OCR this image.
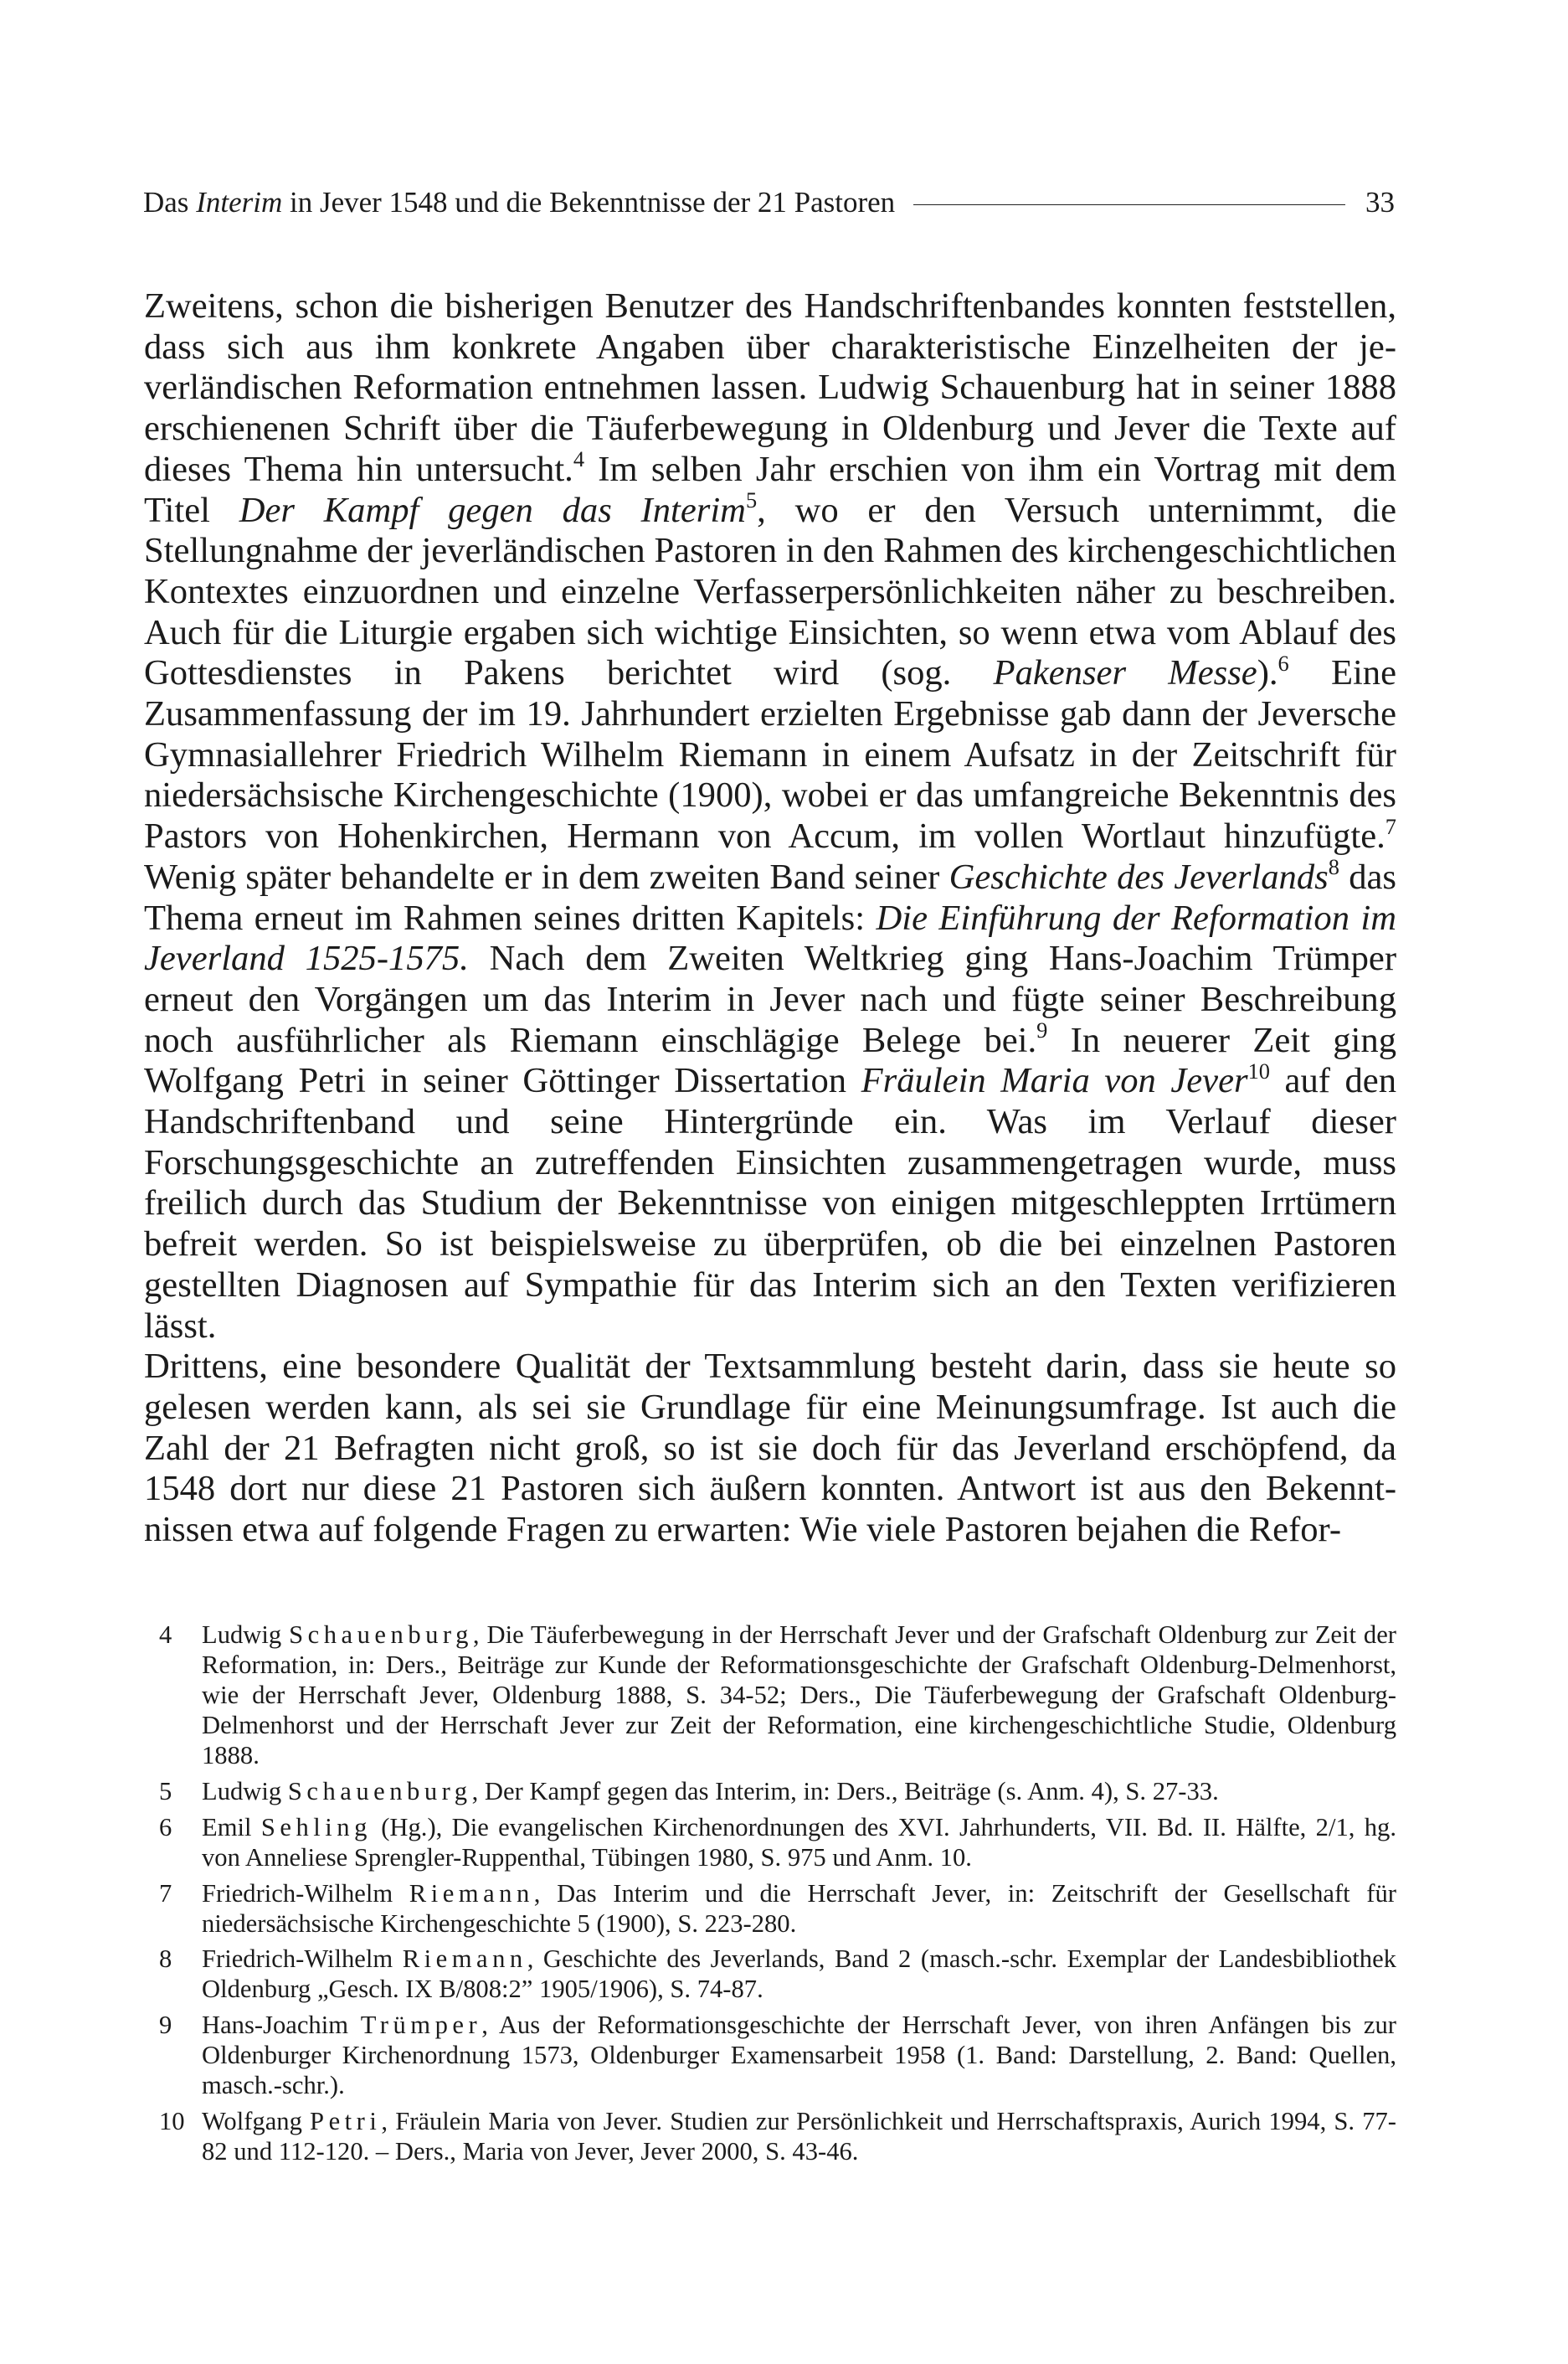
Das Interim in Jever 1548 und die Bekenntnisse der 21 Pastoren	33

Zweitens, schon die bisherigen Benutzer des Handschriftenbandes konnten feststellen, dass sich aus ihm konkrete Angaben über charakteristische Einzelheiten der jeverländischen Reformation entnehmen lassen. Ludwig Schauenburg hat in seiner 1888 erschienenen Schrift über die Täuferbewegung in Oldenburg und Jever die Texte auf dieses Thema hin untersucht.$^4$ Im selben Jahr erschien von ihm ein Vortrag mit dem Titel Der Kampf gegen das Interim$^5$, wo er den Versuch unternimmt, die Stellungnahme der jeverländischen Pastoren in den Rahmen des kirchengeschichtlichen Kontextes einzuordnen und einzelne Verfasserpersönlichkeiten näher zu beschreiben. Auch für die Liturgie ergaben sich wichtige Einsichten, so wenn etwa vom Ablauf des Gottesdienstes in Pakens berichtet wird (sog. Pakenser Messe).$^6$ Eine Zusammenfassung der im 19. Jahrhundert erzielten Ergebnisse gab dann der Jeversche Gymnasiallehrer Friedrich Wilhelm Riemann in einem Aufsatz in der Zeitschrift für niedersächsische Kirchengeschichte (1900), wobei er das umfangreiche Bekenntnis des Pastors von Hohenkirchen, Hermann von Accum, im vollen Wortlaut hinzufügte.$^7$ Wenig später behandelte er in dem zweiten Band seiner Geschichte des Jeverlands$^8$ das Thema erneut im Rahmen seines dritten Kapitels: Die Einführung der Reformation im Jeverland 1525-1575. Nach dem Zweiten Weltkrieg ging Hans-Joachim Trümper erneut den Vorgängen um das Interim in Jever nach und fügte seiner Beschreibung noch ausführlicher als Riemann einschlägige Belege bei.$^9$ In neuerer Zeit ging Wolfgang Petri in seiner Göttinger Dissertation Fräulein Maria von Jever$^{10}$ auf den Handschriftenband und seine Hintergründe ein. Was im Verlauf dieser Forschungsgeschichte an zutreffenden Einsichten zusammengetragen wurde, muss freilich durch das Studium der Bekenntnisse von einigen mitgeschleppten Irrtümern befreit werden. So ist beispielsweise zu überprüfen, ob die bei einzelnen Pastoren gestellten Diagnosen auf Sympathie für das Interim sich an den Texten verifizieren lässt.

Drittens, eine besondere Qualität der Textsammlung besteht darin, dass sie heute so gelesen werden kann, als sei sie Grundlage für eine Meinungsumfrage. Ist auch die Zahl der 21 Befragten nicht groß, so ist sie doch für das Jeverland erschöpfend, da 1548 dort nur diese 21 Pastoren sich äußern konnten. Antwort ist aus den Bekenntnissen etwa auf folgende Fragen zu erwarten: Wie viele Pastoren bejahen die Refor-

4	Ludwig Schauenburg, Die Täuferbewegung in der Herrschaft Jever und der Grafschaft Oldenburg zur Zeit der Reformation, in: Ders., Beiträge zur Kunde der Reformationsgeschichte der Grafschaft Oldenburg-Delmenhorst, wie der Herrschaft Jever, Oldenburg 1888, S. 34-52; Ders., Die Täuferbewegung der Grafschaft Oldenburg-Delmenhorst und der Herrschaft Jever zur Zeit der Reformation, eine kirchengeschichtliche Studie, Oldenburg 1888.
5	Ludwig Schauenburg, Der Kampf gegen das Interim, in: Ders., Beiträge (s. Anm. 4), S. 27-33.
6	Emil Sehling (Hg.), Die evangelischen Kirchenordnungen des XVI. Jahrhunderts, VII. Bd. II. Hälfte, 2/1, hg. von Anneliese Sprengler-Ruppenthal, Tübingen 1980, S. 975 und Anm. 10.
7	Friedrich-Wilhelm Riemann, Das Interim und die Herrschaft Jever, in: Zeitschrift der Gesellschaft für niedersächsische Kirchengeschichte 5 (1900), S. 223-280.
8	Friedrich-Wilhelm Riemann, Geschichte des Jeverlands, Band 2 (masch.-schr. Exemplar der Landesbibliothek Oldenburg „Gesch. IX B/808:2” 1905/1906), S. 74-87.
9	Hans-Joachim Trümper, Aus der Reformationsgeschichte der Herrschaft Jever, von ihren Anfängen bis zur Oldenburger Kirchenordnung 1573, Oldenburger Examensarbeit 1958 (1. Band: Darstellung, 2. Band: Quellen, masch.-schr.).
10 Wolfgang Petri, Fräulein Maria von Jever. Studien zur Persönlichkeit und Herrschaftspraxis, Aurich 1994, S. 77-82 und 112-120. – Ders., Maria von Jever, Jever 2000, S. 43-46.
